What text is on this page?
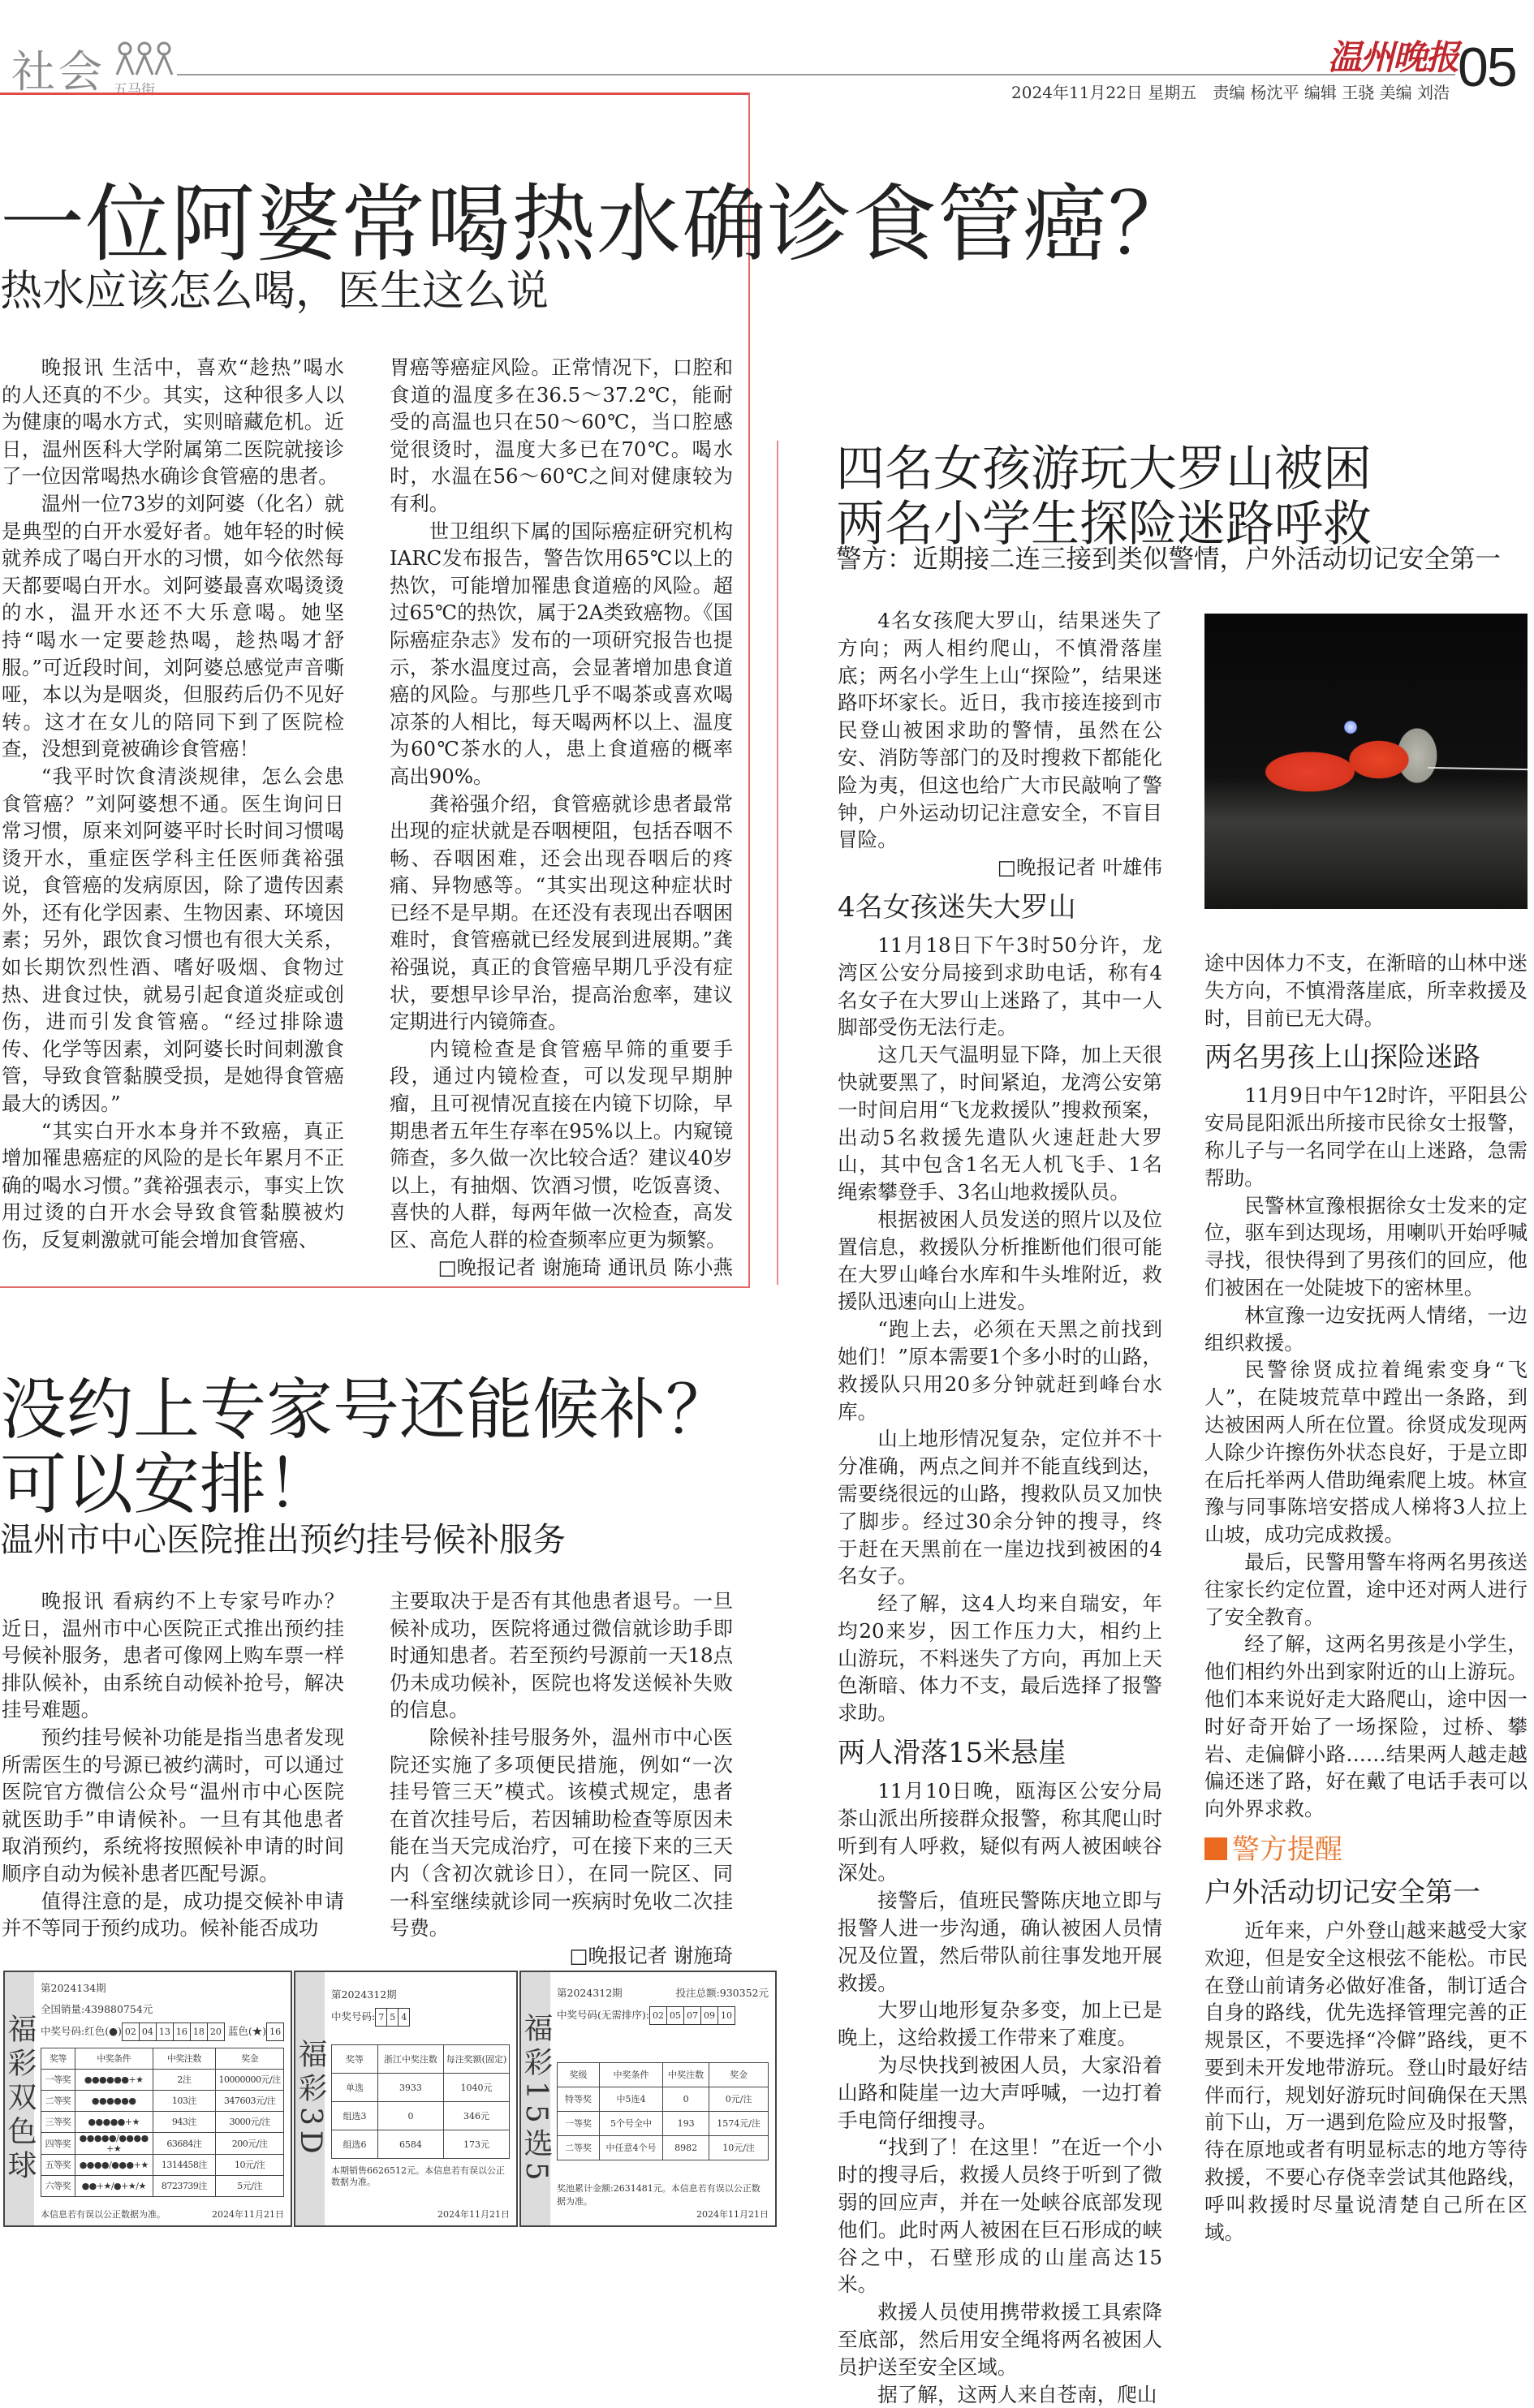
社会 五马街	2024年11月22日 星期五　责编 杨沈平 编辑 王骁 美编 刘浩
温州晚报 05
一位阿婆常喝热水确诊食管癌？
热水应该怎么喝，医生这么说

晚报讯 生活中，喜欢“趁热”喝水的人还真的不少。其实，这种很多人以为健康的喝水方式，实则暗藏危机。近日，温州医科大学附属第二医院就接诊了一位因常喝热水确诊食管癌的患者。

温州一位73岁的刘阿婆（化名）就是典型的白开水爱好者。她年轻的时候就养成了喝白开水的习惯，如今依然每天都要喝白开水。刘阿婆最喜欢喝烫烫的水，温开水还不大乐意喝。她坚持“喝水一定要趁热喝，趁热喝才舒服。”可近段时间，刘阿婆总感觉声音嘶哑，本以为是咽炎，但服药后仍不见好转。这才在女儿的陪同下到了医院检查，没想到竟被确诊食管癌！

“我平时饮食清淡规律，怎么会患食管癌？”刘阿婆想不通。医生询问日常习惯，原来刘阿婆平时长时间习惯喝烫开水，重症医学科主任医师龚裕强说，食管癌的发病原因，除了遗传因素外，还有化学因素、生物因素、环境因素；另外，跟饮食习惯也有很大关系，如长期饮烈性酒、嗜好吸烟、食物过热、进食过快，就易引起食道炎症或创伤，进而引发食管癌。“经过排除遗传、化学等因素，刘阿婆长时间刺激食管，导致食管黏膜受损，是她得食管癌最大的诱因。”

“其实白开水本身并不致癌，真正增加罹患癌症的风险的是长年累月不正确的喝水习惯。”龚裕强表示，事实上饮用过烫的白开水会导致食管黏膜被灼伤，反复刺激就可能会增加食管癌、

胃癌等癌症风险。正常情况下，口腔和食道的温度多在36.5～37.2℃，能耐受的高温也只在50～60℃，当口腔感觉很烫时，温度大多已在70℃。喝水时，水温在56～60℃之间对健康较为有利。

世卫组织下属的国际癌症研究机构IARC发布报告，警告饮用65℃以上的热饮，可能增加罹患食道癌的风险。超过65℃的热饮，属于2A类致癌物。《国际癌症杂志》发布的一项研究报告也提示，茶水温度过高，会显著增加患食道癌的风险。与那些几乎不喝茶或喜欢喝凉茶的人相比，每天喝两杯以上、温度为60℃茶水的人，患上食道癌的概率高出90%。

龚裕强介绍，食管癌就诊患者最常出现的症状就是吞咽梗阻，包括吞咽不畅、吞咽困难，还会出现吞咽后的疼痛、异物感等。“其实出现这种症状时已经不是早期。在还没有表现出吞咽困难时，食管癌就已经发展到进展期。”龚裕强说，真正的食管癌早期几乎没有症状，要想早诊早治，提高治愈率，建议定期进行内镜筛查。

内镜检查是食管癌早筛的重要手段，通过内镜检查，可以发现早期肿瘤，且可视情况直接在内镜下切除，早期患者五年生存率在95%以上。内窥镜筛查，多久做一次比较合适？建议40岁以上，有抽烟、饮酒习惯，吃饭喜烫、喜快的人群，每两年做一次检查，高发区、高危人群的检查频率应更为频繁。

□晚报记者 谢施琦 通讯员 陈小燕

四名女孩游玩大罗山被困
两名小学生探险迷路呼救
警方：近期接二连三接到类似警情，户外活动切记安全第一

4名女孩爬大罗山，结果迷失了方向；两人相约爬山，不慎滑落崖底；两名小学生上山“探险”，结果迷路吓坏家长。近日，我市接连接到市民登山被困求助的警情，虽然在公安、消防等部门的及时搜救下都能化险为夷，但这也给广大市民敲响了警钟，户外运动切记注意安全，不盲目冒险。

□晚报记者 叶雄伟

4名女孩迷失大罗山

11月18日下午3时50分许，龙湾区公安分局接到求助电话，称有4名女子在大罗山上迷路了，其中一人脚部受伤无法行走。

这几天气温明显下降，加上天很快就要黑了，时间紧迫，龙湾公安第一时间启用“飞龙救援队”搜救预案，出动5名救援先遣队火速赶赴大罗山，其中包含1名无人机飞手、1名绳索攀登手、3名山地救援队员。

根据被困人员发送的照片以及位置信息，救援队分析推断他们很可能在大罗山峰台水库和牛头堆附近，救援队迅速向山上进发。

“跑上去，必须在天黑之前找到她们！”原本需要1个多小时的山路，救援队只用20多分钟就赶到峰台水库。

山上地形情况复杂，定位并不十分准确，两点之间并不能直线到达，需要绕很远的山路，搜救队员又加快了脚步。经过30余分钟的搜寻，终于赶在天黑前在一崖边找到被困的4名女子。

经了解，这4人均来自瑞安，年均20来岁，因工作压力大，相约上山游玩，不料迷失了方向，再加上天色渐暗、体力不支，最后选择了报警求助。

两人滑落15米悬崖

11月10日晚，瓯海区公安分局茶山派出所接群众报警，称其爬山时听到有人呼救，疑似有两人被困峡谷深处。

接警后，值班民警陈庆地立即与报警人进一步沟通，确认被困人员情况及位置，然后带队前往事发地开展救援。

大罗山地形复杂多变，加上已是晚上，这给救援工作带来了难度。

为尽快找到被困人员，大家沿着山路和陡崖一边大声呼喊，一边打着手电筒仔细搜寻。

“找到了！在这里！”在近一个小时的搜寻后，救援人员终于听到了微弱的回应声，并在一处峡谷底部发现他们。此时两人被困在巨石形成的峡谷之中，石壁形成的山崖高达15米。

救援人员使用携带救援工具索降至底部，然后用安全绳将两名被困人员护送至安全区域。

据了解，这两人来自苍南，爬山

途中因体力不支，在渐暗的山林中迷失方向，不慎滑落崖底，所幸救援及时，目前已无大碍。

两名男孩上山探险迷路

11月9日中午12时许，平阳县公安局昆阳派出所接市民徐女士报警，称儿子与一名同学在山上迷路，急需帮助。

民警林宣豫根据徐女士发来的定位，驱车到达现场，用喇叭开始呼喊寻找，很快得到了男孩们的回应，他们被困在一处陡坡下的密林里。

林宣豫一边安抚两人情绪，一边组织救援。

民警徐贤成拉着绳索变身“飞人”，在陡坡荒草中蹚出一条路，到达被困两人所在位置。徐贤成发现两人除少许擦伤外状态良好，于是立即在后托举两人借助绳索爬上坡。林宣豫与同事陈培安搭成人梯将3人拉上山坡，成功完成救援。

最后，民警用警车将两名男孩送往家长约定位置，途中还对两人进行了安全教育。

经了解，这两名男孩是小学生，他们相约外出到家附近的山上游玩。他们本来说好走大路爬山，途中因一时好奇开始了一场探险，过桥、攀岩、走偏僻小路……结果两人越走越偏还迷了路，好在戴了电话手表可以向外界求救。

警方提醒
户外活动切记安全第一

近年来，户外登山越来越受大家欢迎，但是安全这根弦不能松。市民在登山前请务必做好准备，制订适合自身的路线，优先选择管理完善的正规景区，不要选择“冷僻”路线，更不要到未开发地带游玩。登山时最好结伴而行，规划好游玩时间确保在天黑前下山，万一遇到危险应及时报警，待在原地或者有明显标志的地方等待救援，不要心存侥幸尝试其他路线，呼叫救援时尽量说清楚自己所在区域。

没约上专家号还能候补？
可以安排！
温州市中心医院推出预约挂号候补服务

晚报讯 看病约不上专家号咋办？近日，温州市中心医院正式推出预约挂号候补服务，患者可像网上购车票一样排队候补，由系统自动候补抢号，解决挂号难题。

预约挂号候补功能是指当患者发现所需医生的号源已被约满时，可以通过医院官方微信公众号“温州市中心医院就医助手”申请候补。一旦有其他患者取消预约，系统将按照候补申请的时间顺序自动为候补患者匹配号源。

值得注意的是，成功提交候补申请并不等同于预约成功。候补能否成功

主要取决于是否有其他患者退号。一旦候补成功，医院将通过微信就诊助手即时通知患者。若至预约号源前一天18点仍未成功候补，医院也将发送候补失败的信息。

除候补挂号服务外，温州市中心医院还实施了多项便民措施，例如“一次挂号管三天”模式。该模式规定，患者在首次挂号后，若因辅助检查等原因未能在当天完成治疗，可在接下来的三天内（含初次就诊日），在同一院区、同一科室继续就诊同一疾病时免收二次挂号费。

□晚报记者 谢施琦

福彩双色球
第2024134期
全国销量:439880754元
中奖号码:红色(●) 02 04 13 16 18 20 蓝色(★) 16
奖等	中奖条件	中奖注数	奖金
一等奖	●●●●●●+★	2注	10000000元/注
二等奖	●●●●●●	103注	347603元/注
三等奖	●●●●●+★	943注	3000元/注
四等奖	●●●●●/●●●●+★	63684注	200元/注
五等奖	●●●●/●●●+★	1314458注	10元/注
六等奖	●●+★/●+★/★	8723739注	5元/注
本信息若有误以公正数据为准。	2024年11月21日
福彩3D
第2024312期
中奖号码: 7 5 4
奖等	浙江中奖注数	每注奖额(固定)
单选	3933	1040元
组选3	0	346元
组选6	6584	173元
本期销售6626512元。本信息若有误以公正数据为准。
2024年11月21日
福彩15选5
第2024312期	投注总额:930352元
中奖号码(无需排序): 02 05 07 09 10
奖级	中奖条件	中奖注数	奖金
特等奖	中5连4	0	0元/注
一等奖	5个号全中	193	1574元/注
二等奖	中任意4个号	8982	10元/注
奖池累计金额:2631481元。本信息若有误以公正数据为准。
2024年11月21日
